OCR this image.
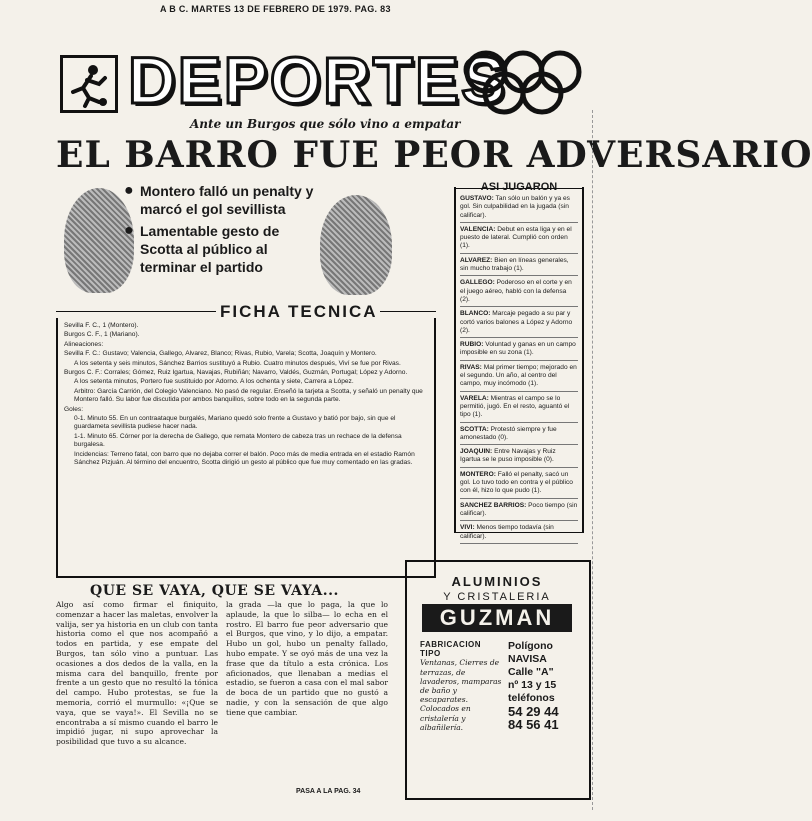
A B C. MARTES 13 DE FEBRERO DE 1979. PAG. 83
DEPORTES
Ante un Burgos que sólo vino a empatar
EL BARRO FUE PEOR ADVERSARIO
● Montero falló un penalty y marcó el gol sevillista
● Lamentable gesto de Scotta al público al terminar el partido
FICHA TECNICA

Sevilla F. C., 1 (Montero).

Burgos C. F., 1 (Mariano).

Alineaciones:

Sevilla F. C.: Gustavo; Valencia, Gallego, Alvarez, Blanco; Rivas, Rubio, Varela; Scotta, Joaquín y Montero.

A los setenta y seis minutos, Sánchez Barrios sustituyó a Rubio. Cuatro minutos después, Viví se fue por Rivas.

Burgos C. F.: Corrales; Gómez, Ruiz Igartua, Navajas, Rubiñán; Navarro, Valdés, Guzmán, Portugal; López y Adorno.

A los setenta minutos, Portero fue sustituido por Adorno. A los ochenta y siete, Carrera a López.

Arbitro: García Carrión, del Colegio Valenciano. No pasó de regular. Enseñó la tarjeta a Scotta, y señaló un penalty que Montero falló. Su labor fue discutida por ambos banquillos, sobre todo en la segunda parte.

Goles:

0-1. Minuto 55. En un contraataque burgalés, Mariano quedó solo frente a Gustavo y batió por bajo, sin que el guardameta sevillista pudiese hacer nada.

1-1. Minuto 65. Córner por la derecha de Gallego, que remata Montero de cabeza tras un rechace de la defensa burgalesa.

Incidencias: Terreno fatal, con barro que no dejaba correr el balón. Poco más de media entrada en el estadio Ramón Sánchez Pizjuán. Al término del encuentro, Scotta dirigió un gesto al público que fue muy comentado en las gradas.

ASI JUGARON

GUSTAVO: Tan sólo un balón y ya es gol. Sin culpabilidad en la jugada (sin calificar).

VALENCIA: Debut en esta liga y en el puesto de lateral. Cumplió con orden (1).

ALVAREZ: Bien en líneas generales, sin mucho trabajo (1).

GALLEGO: Poderoso en el corte y en el juego aéreo, habló con la defensa (2).

BLANCO: Marcaje pegado a su par y cortó varios balones a López y Adorno (2).

RUBIO: Voluntad y ganas en un campo imposible en su zona (1).

RIVAS: Mal primer tiempo; mejorado en el segundo. Un año, al centro del campo, muy incómodo (1).

VARELA: Mientras el campo se lo permitió, jugó. En el resto, aguantó el tipo (1).

SCOTTA: Protestó siempre y fue amonestado (0).

JOAQUIN: Entre Navajas y Ruiz Igartua se le puso imposible (0).

MONTERO: Falló el penalty, sacó un gol. Lo tuvo todo en contra y el público con él, hizo lo que pudo (1).

SANCHEZ BARRIOS: Poco tiempo (sin calificar).

VIVI: Menos tiempo todavía (sin calificar).

QUE SE VAYA, QUE SE VAYA...
Algo así como firmar el finiquito, comenzar a hacer las maletas, envolver la valija, ser ya historia en un club con tanta historia como el que nos acompañó a todos en partida, y ese empate del Burgos, tan sólo vino a puntuar. Las ocasiones a dos dedos de la valla, en la misma cara del banquillo, frente por frente a un gesto que no resultó la tónica del campo. Hubo protestas, se fue la memoria, corrió el murmullo: «¡Que se vaya, que se vaya!». El Sevilla no se encontraba a sí mismo cuando el barro le impidió jugar, ni supo aprovechar la posibilidad que tuvo a su alcance.
la grada —la que lo paga, la que lo aplaude, la que lo silba— lo echa en el rostro. El barro fue peor adversario que el Burgos, que vino, y lo dijo, a empatar. Hubo un gol, hubo un penalty fallado, hubo empate. Y se oyó más de una vez la frase que da título a esta crónica. Los aficionados, que llenaban a medias el estadio, se fueron a casa con el mal sabor de boca de un partido que no gustó a nadie, y con la sensación de que algo tiene que cambiar.
PASA A LA PAG. 34
ALUMINIOS
Y CRISTALERIA
GUZMAN
FABRICACION TIPO
Ventanas, Cierres de terrazas, de lavaderos, mamparas de baño y escaparates.
Colocados en cristalería y albañilería.
Polígono
NAVISA
Calle "A"
nº 13 y 15
teléfonos
54 29 44
84 56 41
